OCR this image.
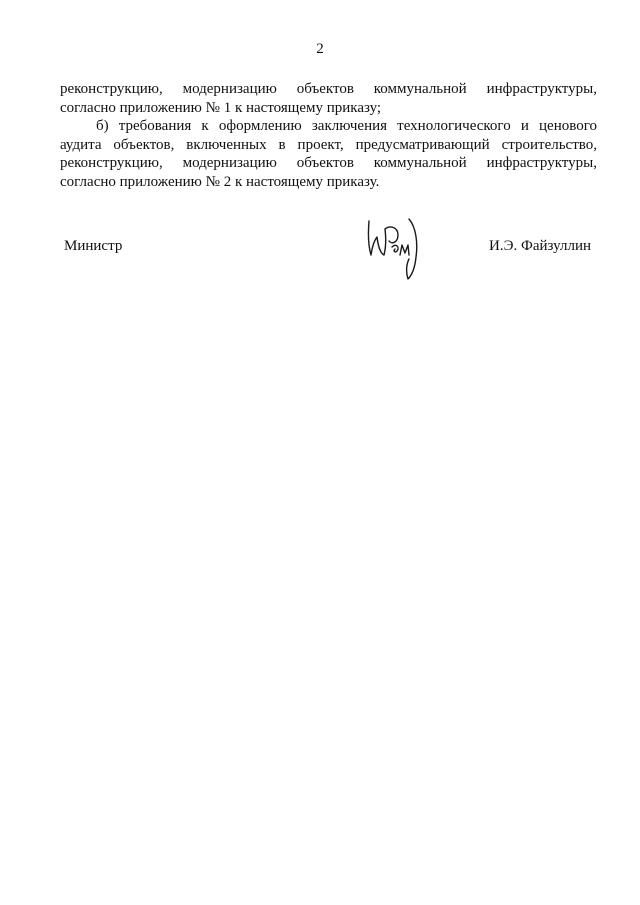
2

реконструкцию, модернизацию объектов коммунальной инфраструктуры,
согласно приложению № 1 к настоящему приказу;

б) требования к оформлению заключения технологического и ценового
аудита объектов, включенных в проект, предусматривающий строительство,
реконструкцию, модернизацию объектов коммунальной инфраструктуры,
согласно приложению № 2 к настоящему приказу.

Министр	И.Э. Файзуллин
